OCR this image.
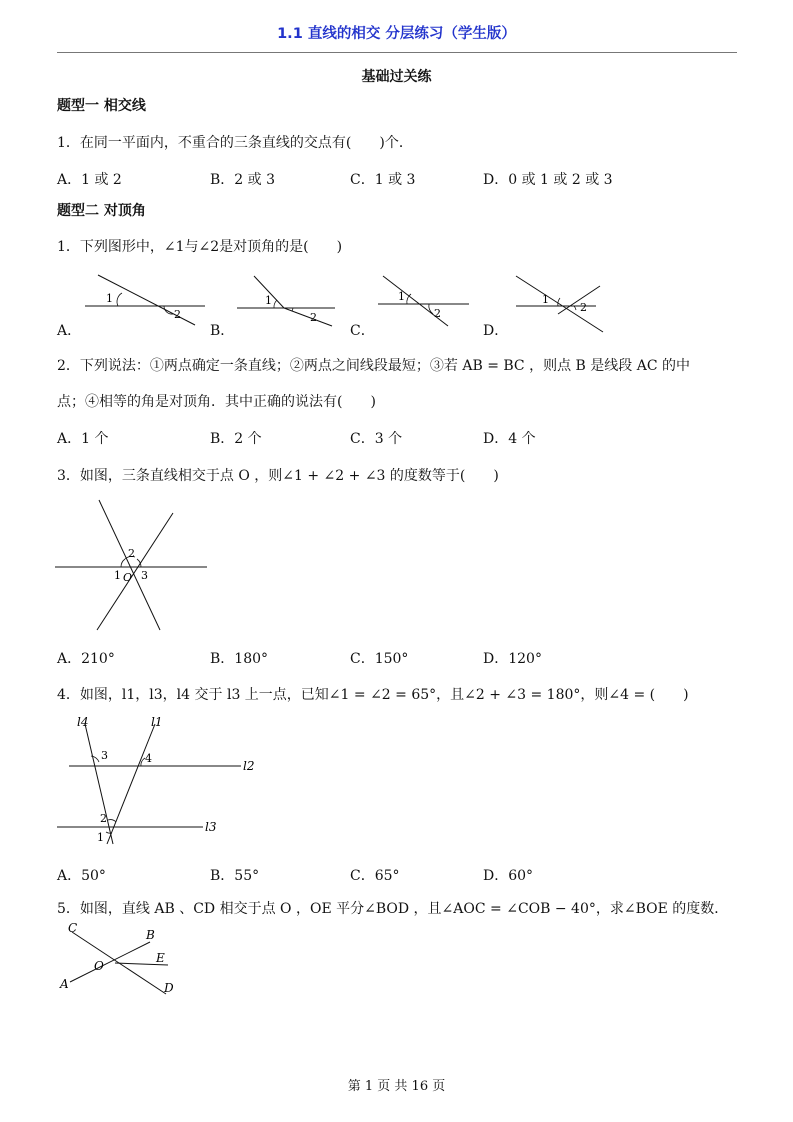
1.1 直线的相交 分层练习（学生版）
基础过关练
题型一 相交线
1．在同一平面内，不重合的三条直线的交点有(　　)个．
A．1 或 2	B．2 或 3	C．1 或 3	D．0 或 1 或 2 或 3
题型二 对顶角
1．下列图形中，∠1与∠2是对顶角的是(　　)
A．
1
2
B．
1
2
C．
1
2
D．
1
2
2．下列说法：①两点确定一条直线；②两点之间线段最短；③若 AB = BC ，则点 B 是线段 AC 的中
点；④相等的角是对顶角．其中正确的说法有(　　)
A．1 个	B．2 个	C．3 个	D．4 个
3．如图，三条直线相交于点 O ，则∠1 + ∠2 + ∠3 的度数等于(　　)
1
2
3
O
A．210°	B．180°	C．150°	D．120°
4．如图，l1，l3，l4 交于 l3 上一点，已知∠1 = ∠2 = 65°，且∠2 + ∠3 = 180°，则∠4 = (　　)
l4	l1
l2
l3
1
2
3	4
A．50°	B．55°	C．65°	D．60°
5．如图，直线 AB 、CD 相交于点 O ，OE 平分∠BOD ，且∠AOC = ∠COB − 40°，求∠BOE 的度数．
C	B
E
O
A	D
第 1 页 共 16 页
